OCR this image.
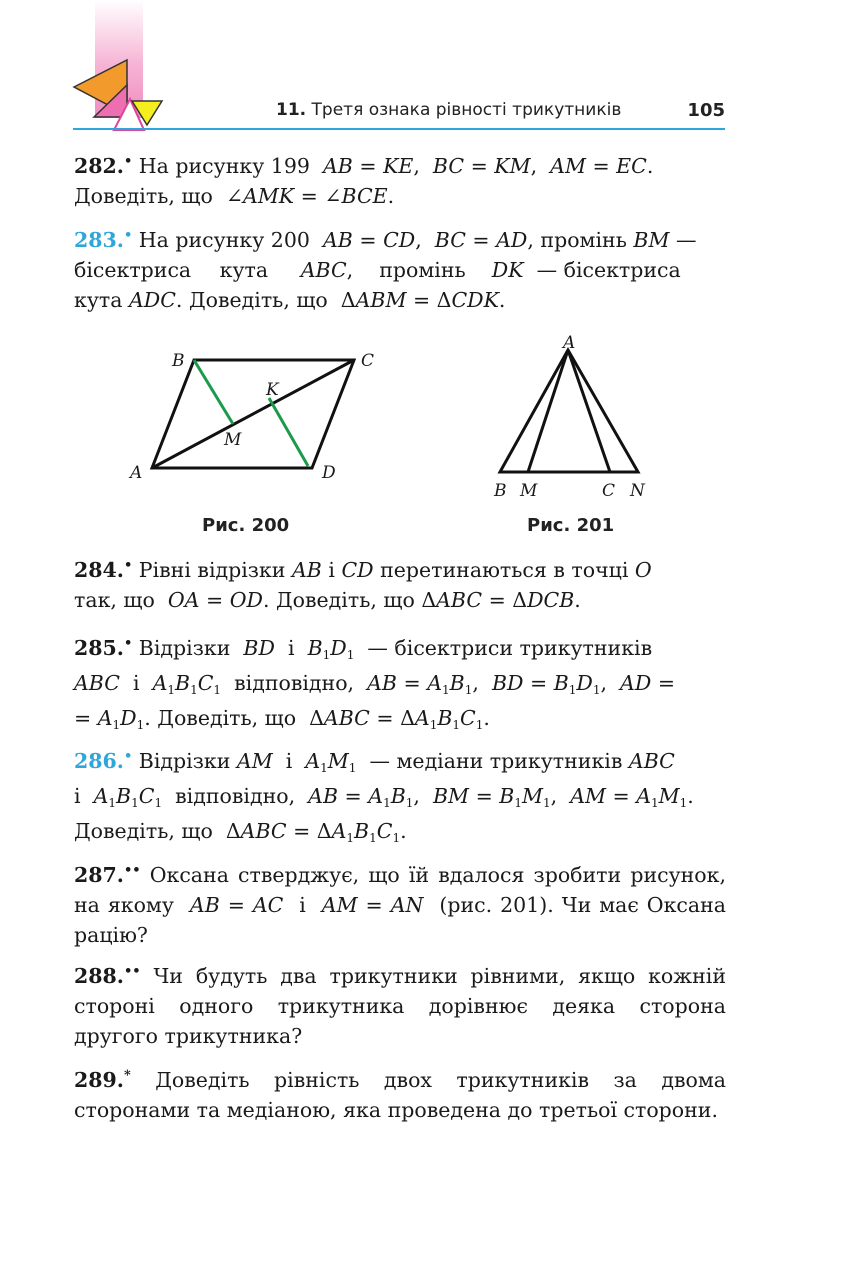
11. Третя ознака рівності трикутників	105
282.• На рисунку 199 AB = KE,  BC = KM,  AM = EC.
Доведіть, що  ∠AMK = ∠BCE.
283.• На рисунку 200 AB = CD,  BC = AD, промінь BM —
бісектриса кута ABC,    промінь DK — бісектриса
кута ADC. Доведіть, що  ΔABM = ΔCDK.
A
B	C
D
K
M
Рис. 200
A
B M	C N
Рис. 201
284.• Рівні відрізки AB і CD перетинаються в точці O
так, що OA = OD. Доведіть, що ΔABC = ΔDCB.
285.• Відрізки BD  і  $B_1D_1$ — бісектриси трикутників
ABC  і  $A_1B_1C_1$ відповідно, AB = $A_1B_1$,  BD = $B_1D_1$,  AD =
= $A_1D_1$. Доведіть, що  $\Delta ABC = \Delta A_1B_1C_1$.
286.• Відрізки AM  і  $A_1M_1$ — медіани трикутників ABC
і  $A_1B_1C_1$ відповідно, AB = $A_1B_1$,  BM = $B_1M_1$,  AM = $A_1M_1$.
Доведіть, що  $\Delta ABC = \Delta A_1B_1C_1$.
287.•• Оксана стверджує, що їй вдалося зробити рисунок, на якому AB = AC  і  AM = AN (рис. 201). Чи має Оксана рацію?
288.•• Чи будуть два трикутники рівними, якщо кожній стороні одного трикутника дорівнює деяка сторона другого трикутника?
289.* Доведіть рівність двох трикутників за двома сторонами та медіаною, яка проведена до третьої сторони.
